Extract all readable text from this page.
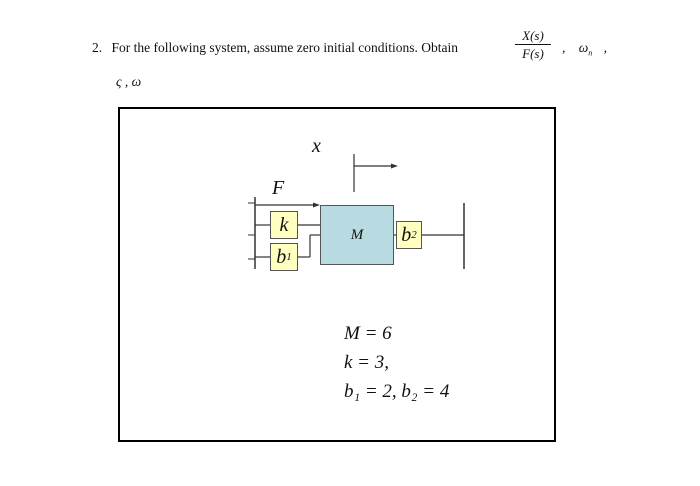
2. For the following system, assume zero initial conditions. Obtain
X(s)
F(s) , $\omega_n$ ,
ς , ω
x
F
k
b 1
M b 2
M = 6
k = 3,
b₁ = 2, b₂ = 4
